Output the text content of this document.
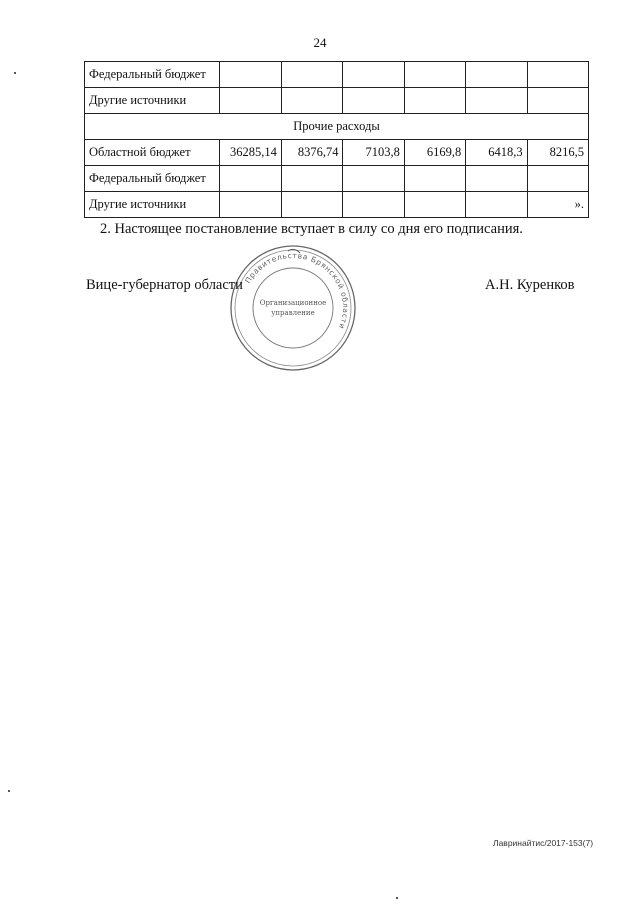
24
Федеральный бюджет						
Другие источники						
Прочие расходы						
Областной бюджет	36285,14	8376,74	7103,8	6169,8	6418,3	8216,5
Федеральный бюджет						
Другие источники						».
2. Настоящее постановление вступает в силу со дня его подписания.
Правительства Брянской области
Организационное
управление
Вице-губернатор области	А.Н. Куренков
Лавринайтис/2017-153(7)
